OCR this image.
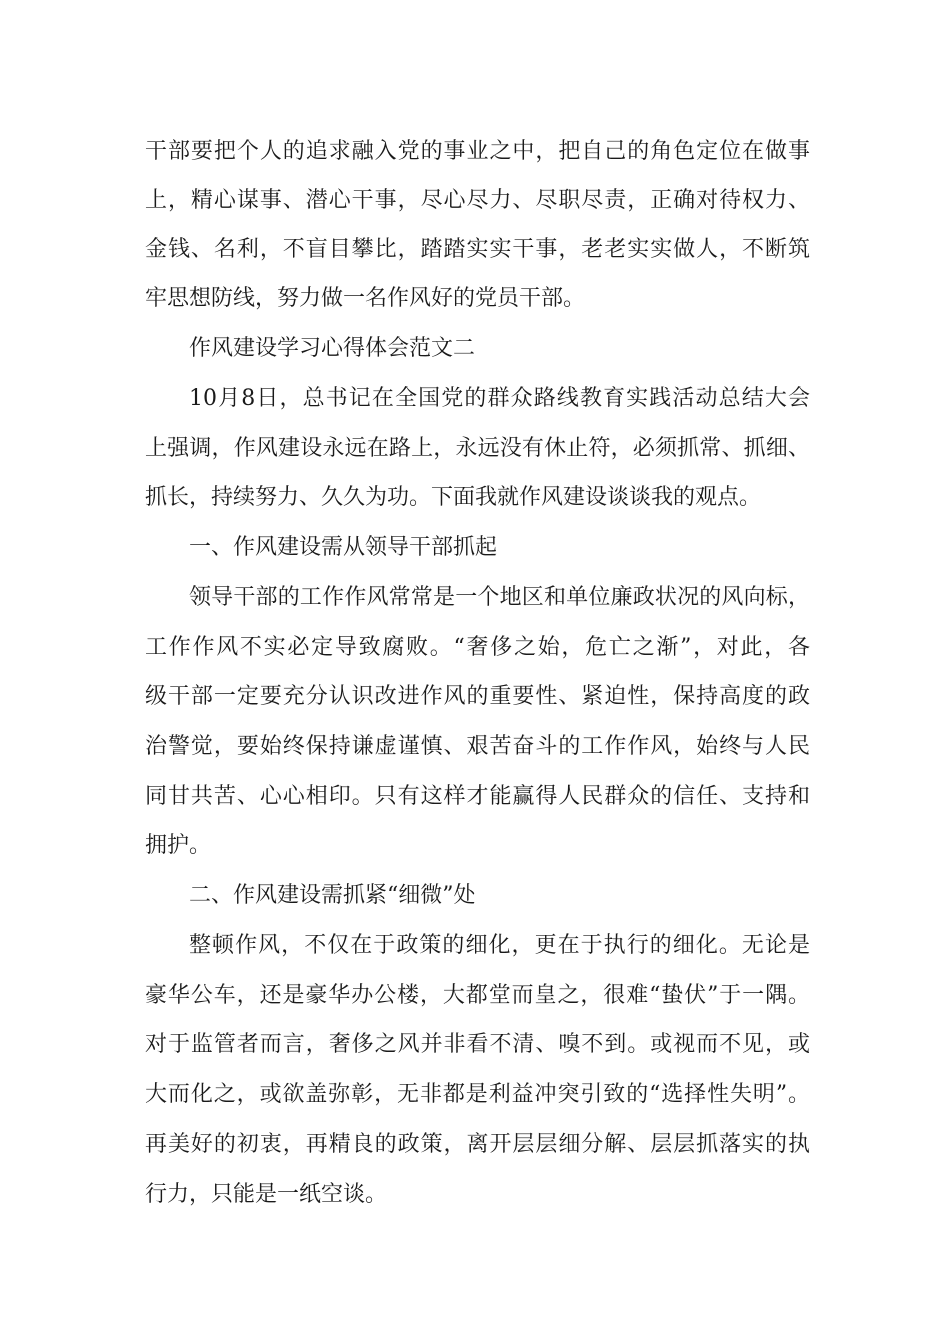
干部要把个人的追求融入党的事业之中，把自己的角色定位在做事
上，精心谋事、潜心干事，尽心尽力、尽职尽责，正确对待权力、
金钱、名利，不盲目攀比，踏踏实实干事，老老实实做人，不断筑
牢思想防线，努力做一名作风好的党员干部。
作风建设学习心得体会范文二
10月8日，总书记在全国党的群众路线教育实践活动总结大会
上强调，作风建设永远在路上，永远没有休止符，必须抓常、抓细、
抓长，持续努力、久久为功。下面我就作风建设谈谈我的观点。
一、作风建设需从领导干部抓起
领导干部的工作作风常常是一个地区和单位廉政状况的风向标，
工作作风不实必定导致腐败。“奢侈之始，危亡之渐”，对此，各
级干部一定要充分认识改进作风的重要性、紧迫性，保持高度的政
治警觉，要始终保持谦虚谨慎、艰苦奋斗的工作作风，始终与人民
同甘共苦、心心相印。只有这样才能赢得人民群众的信任、支持和
拥护。
二、作风建设需抓紧“细微”处
整顿作风，不仅在于政策的细化，更在于执行的细化。无论是
豪华公车，还是豪华办公楼，大都堂而皇之，很难“蛰伏”于一隅。
对于监管者而言，奢侈之风并非看不清、嗅不到。或视而不见，或
大而化之，或欲盖弥彰，无非都是利益冲突引致的“选择性失明”。
再美好的初衷，再精良的政策，离开层层细分解、层层抓落实的执
行力，只能是一纸空谈。
